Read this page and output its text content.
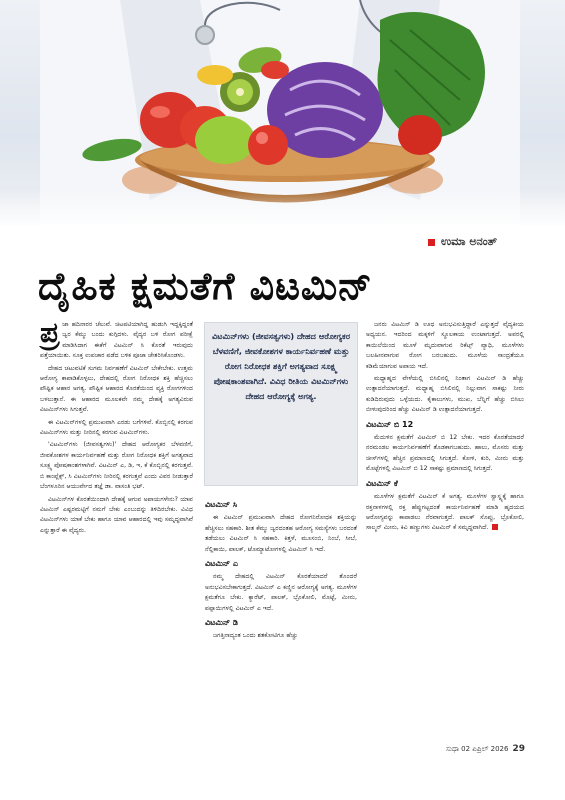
ಉಮಾ ಅನಂತ್
ದೈಹಿಕ ಕ್ಷಮತೆಗೆ ವಿಟಮಿನ್

ಪ್ರ ಜಾ ಹದಿನಾರರ ಚೆಲುವೆ. ಚಿಟಪಟಿಯಾಗಿದ್ದ ಹುಡುಗಿ ಇದ್ದಕ್ಕಿದ್ದಂತೆ ಜ್ವರ ಕೆಮ್ಮು ಬಂದು ಕುಗ್ಗಿದಳು. ವೈದ್ಯರ ಬಳಿ ರೋಗ ಪರೀಕ್ಷೆ ಮಾಡಿಸಿದಾಗ ಈಕೆಗೆ ವಿಟಮಿನ್ ಸಿ ಕೊರತೆ ಇರುವುದು ಪತ್ತೆಯಾಯಿತು. ಸೂಕ್ತ ಉಪಚಾರ ಪಡೆದ ಬಳಿಕ ಪೂಜಾ ಚೇತರಿಸಿಕೊಂಡಳು.

ದೇಹದ ಚಟುವಟಿಕೆ ಸುಗಮ ನಿರ್ವಹಣೆಗೆ ವಿಟಮಿನ್ ಬೇಕೇಬೇಕು. ಉತ್ತಮ ಆರೋಗ್ಯ ಕಾಪಾಡಿಕೊಳ್ಳಲು, ದೇಹದಲ್ಲಿ ರೋಗ ನಿರೋಧಕ ಶಕ್ತಿ ಹೆಚ್ಚಿಸಲು ಪೌಷ್ಟಿಕ ಆಹಾರ ಅಗತ್ಯ. ಪೌಷ್ಟಿಕ ಆಹಾರದ ಕೊರತೆಯಿಂದ ವ್ಯಕ್ತಿ ರೋಗಗಳಿಂದ ಬಳಲುತ್ತಾನೆ. ಈ ಆಹಾರದ ಮೂಲಕವೇ ನಮ್ಮ ದೇಹಕ್ಕೆ ಅಗತ್ಯವಿರುವ ವಿಟಮಿನ್‌ಗಳು ಸಿಗುತ್ತವೆ.

ಈ ವಿಟಮಿನ್‌ಗಳಲ್ಲಿ ಪ್ರಮುಖವಾಗಿ ಎರಡು ಬಗೆಗಳಿವೆ. ಕೊಬ್ಬಿನಲ್ಲಿ ಕರಗುವ ವಿಟಮಿನ್‌ಗಳು ಮತ್ತು ನೀರಿನಲ್ಲಿ ಕರಗುವ ವಿಟಮಿನ್‌ಗಳು.

'ವಿಟಮಿನ್‌ಗಳು (ಜೀವಸತ್ವಗಳು)' ದೇಹದ ಆರೋಗ್ಯಕರ ಬೆಳವಣಿಗೆ, ಜೀವಕೋಶಗಳ ಕಾರ್ಯನಿರ್ವಹಣೆ ಮತ್ತು ರೋಗ ನಿರೋಧಕ ಶಕ್ತಿಗೆ ಅಗತ್ಯವಾದ ಸೂಕ್ಷ್ಮ ಪೋಷಕಾಂಶಗಳಾಗಿವೆ. ವಿಟಮಿನ್ ಎ, ಡಿ, ಇ, ಕೆ ಕೊಬ್ಬಿನಲ್ಲಿ ಕರಗುತ್ತವೆ. ಬಿ ಕಾಂಪ್ಲೆಕ್ಸ್, ಸಿ ವಿಟಮಿನ್‌ಗಳು ನೀರಿನಲ್ಲಿ ಕರಗುತ್ತವೆ ಎಂದು ವಿವರ ನೀಡುತ್ತಾರೆ ಬೆಂಗಳೂರಿನ ಆಯುರ್ವೇದ ತಜ್ಞೆ ಡಾ. ವಾಸಂತಿ ಭಟ್.

ವಿಟಮಿನ್‌ಗಳ ಕೊರತೆಯಿಂದಾಗಿ ದೇಹಕ್ಕೆ ಆಗುವ ಅಪಾಯಗಳೇನು? ಯಾವ ವಿಟಮಿನ್ ಎಷ್ಟರಮಟ್ಟಿಗೆ ನಮಗೆ ಬೇಕು ಎಂಬುದನ್ನು ತಿಳಿದಿರಬೇಕು. ವಿವಿಧ ವಿಟಮಿನ್‌ಗಳು ಯಾಕೆ ಬೇಕು ಹಾಗೂ ಯಾವ ಆಹಾರದಲ್ಲಿ ಇವು ಸಮೃದ್ಧವಾಗಿವೆ ಎನ್ನುತ್ತಾರೆ ಈ ವೈದ್ಯರು.

ವಿಟಮಿನ್‌ಗಳು (ಜೀವಸತ್ವಗಳು) ದೇಹದ ಆರೋಗ್ಯಕರ ಬೆಳವಣಿಗೆ, ಜೀವಕೋಶಗಳ ಕಾರ್ಯನಿರ್ವಹಣೆ ಮತ್ತು ರೋಗ ನಿರೋಧಕ ಶಕ್ತಿಗೆ ಅಗತ್ಯವಾದ ಸೂಕ್ಷ್ಮ ಪೋಷಕಾಂಶವಾಗಿದೆ. ವಿವಿಧ ರೀತಿಯ ವಿಟಮಿನ್‌ಗಳು ದೇಹದ ಆರೋಗ್ಯಕ್ಕೆ ಅಗತ್ಯ.
ವಿಟಮಿನ್ ಸಿ

ಈ ವಿಟಮಿನ್ ಪ್ರಮುಖವಾಗಿ ದೇಹದ ರೋಗನಿರೋಧಕ ಶಕ್ತಿಯನ್ನು ಹೆಚ್ಚಿಸಲು ಸಹಕಾರಿ. ಶೀತ ಕೆಮ್ಮು ಜ್ವರದಂತಹ ಆರೋಗ್ಯ ಸಮಸ್ಯೆಗಳು ಬರದಂತೆ ತಡೆಯಲು ವಿಟಮಿನ್ ಸಿ ಸಹಕಾರಿ. ಕಿತ್ತಳೆ, ಮೂಸಂಬಿ, ನಿಂಬೆ, ಸೀಬೆ, ನೆಲ್ಲಿಕಾಯಿ, ಪಾಲಕ್, ಟೊಮ್ಯಾಟೋಗಳಲ್ಲಿ ವಿಟಮಿನ್ ಸಿ ಇದೆ.

ವಿಟಮಿನ್ ಎ

ನಮ್ಮ ದೇಹದಲ್ಲಿ ವಿಟಮಿನ್ ಕೊರತೆಯಾದರೆ ತೊಂದರೆ ಅನುಭವಿಸಬೇಕಾಗುತ್ತದೆ. ವಿಟಮಿನ್ ಎ ಕಣ್ಣಿನ ಆರೋಗ್ಯಕ್ಕೆ ಅಗತ್ಯ. ಮೂಳೆಗಳ ಕ್ಷಮತೆಗೂ ಬೇಕು. ಕ್ಯಾರೆಟ್, ಪಾಲಕ್, ಬ್ರೊಕೋಲಿ, ಮೊಟ್ಟೆ, ಮೀನು, ಪಪ್ಪಾಯಿಗಳಲ್ಲಿ ವಿಟಮಿನ್ ಎ ಇದೆ.

ವಿಟಮಿನ್ ಡಿ

ಜಗತ್ತಿನಾದ್ಯಂತ ಒಂದು ಶತಕೋಟಿಗೂ ಹೆಚ್ಚು

ಜನರು ವಿಟಮಿನ್ ಡಿ ಊಧ ಅನುಭವಿಸುತ್ತಿದ್ದಾರೆ ಎನ್ನುತ್ತದೆ ವೈದ್ಯಕೀಯ ಅಧ್ಯಯನ. ಇದರಿಂದ ಮಕ್ಕಳಿಗೆ ಸ್ಥೂಲಕಾಯ ಉಂಟಾಗುತ್ತದೆ. ಅವರಲ್ಲಿ ಕಾಯಿಲೆಯಿಂದ ಮೂಳೆ ಮೃದುವಾಗುವ ರಿಕೆಟ್ಸ್ ವ್ಯಾಧಿ, ಮೂಳೆಗಳು ಬಲಹೀನವಾಗುವ ರೋಗ ಬರಬಹುದು. ಮೂಳೆಯ ಸಾಂದ್ರತೆಯೂ ಕಡಿಮೆಯಾಗುವ ಅಪಾಯ ಇದೆ.

ಮಧ್ಯಾಹ್ನದ ವೇಳೆಯಲ್ಲಿ ಬಿಸಿಲಿನಲ್ಲಿ ನಿಂತಾಗ ವಿಟಮಿನ್ ಡಿ ಹೆಚ್ಚು ಉತ್ಪಾದನೆಯಾಗುತ್ತದೆ. ಮಧ್ಯಾಹ್ನ ಬಿಸಿಲಿನಲ್ಲಿ ನಿಲ್ಲುವಾಗ ಸಾಕಷ್ಟು ನೀರು ಕುಡಿದಿರುವುದು ಒಳ್ಳೆಯದು. ಕೈಕಾಲುಗಳು, ಮುಖ, ಬೆನ್ನಿಗೆ ಹೆಚ್ಚು ಬಿಸಿಲು ಬೀಳುವುದರಿಂದ ಹೆಚ್ಚು ವಿಟಮಿನ್ ಡಿ ಉತ್ಪಾದನೆಯಾಗುತ್ತದೆ.

ವಿಟಮಿನ್ ಬಿ 12

ಮೆದುಳಿನ ಕ್ಷಮತೆಗೆ ವಿಟಮಿನ್ ಬಿ 12 ಬೇಕು. ಇದರ ಕೊರತೆಯಾದರೆ ನರಮಂಡಲ ಕಾರ್ಯನಿರ್ವಹಣೆಗೆ ತೊಡಕಾಗಬಹುದು. ಹಾಲು, ಮೊಸರು ಮತ್ತು ಚೀಸ್‌ಗಳಲ್ಲಿ ಹೆಚ್ಚಿನ ಪ್ರಮಾಣದಲ್ಲಿ ಸಿಗುತ್ತದೆ. ಕೋಳಿ, ಕುರಿ, ಮೀನು ಮತ್ತು ಮೊಟ್ಟೆಗಳಲ್ಲಿ ವಿಟಮಿನ್ ಬಿ 12 ಸಾಕಷ್ಟು ಪ್ರಮಾಣದಲ್ಲಿ ಸಿಗುತ್ತದೆ.

ವಿಟಮಿನ್ ಕೆ

ಮೂಳೆಗಳ ಕ್ಷಮತೆಗೆ ವಿಟಮಿನ್ ಕೆ ಅಗತ್ಯ. ಮೂಳೆಗಳ ಸ್ವಾಸ್ಥ್ಯಕ್ಕೆ ಹಾಗೂ ರಕ್ತನಾಳಗಳಲ್ಲಿ ರಕ್ತ ಹೆಪ್ಪುಗಟ್ಟದಂತೆ ಕಾರ್ಯನಿರ್ವಹಣೆ ಮಾಡಿ ಹೃದಯದ ಆರೋಗ್ಯವನ್ನು ಕಾಪಾಡಲು ನೆರವಾಗುತ್ತದೆ. ಪಾಲಕ್ ಸೊಪ್ಪು, ಬ್ರೊಕೋಲಿ, ಸಾಲ್ಮನ್ ಮೀನು, ಕಿವಿ ಹಣ್ಣುಗಳು ವಿಟಮಿನ್ ಕೆ ಸಮೃದ್ಧವಾಗಿದೆ.

ಸುಧಾ 02 ಏಪ್ರಿಲ್ 2026 29
